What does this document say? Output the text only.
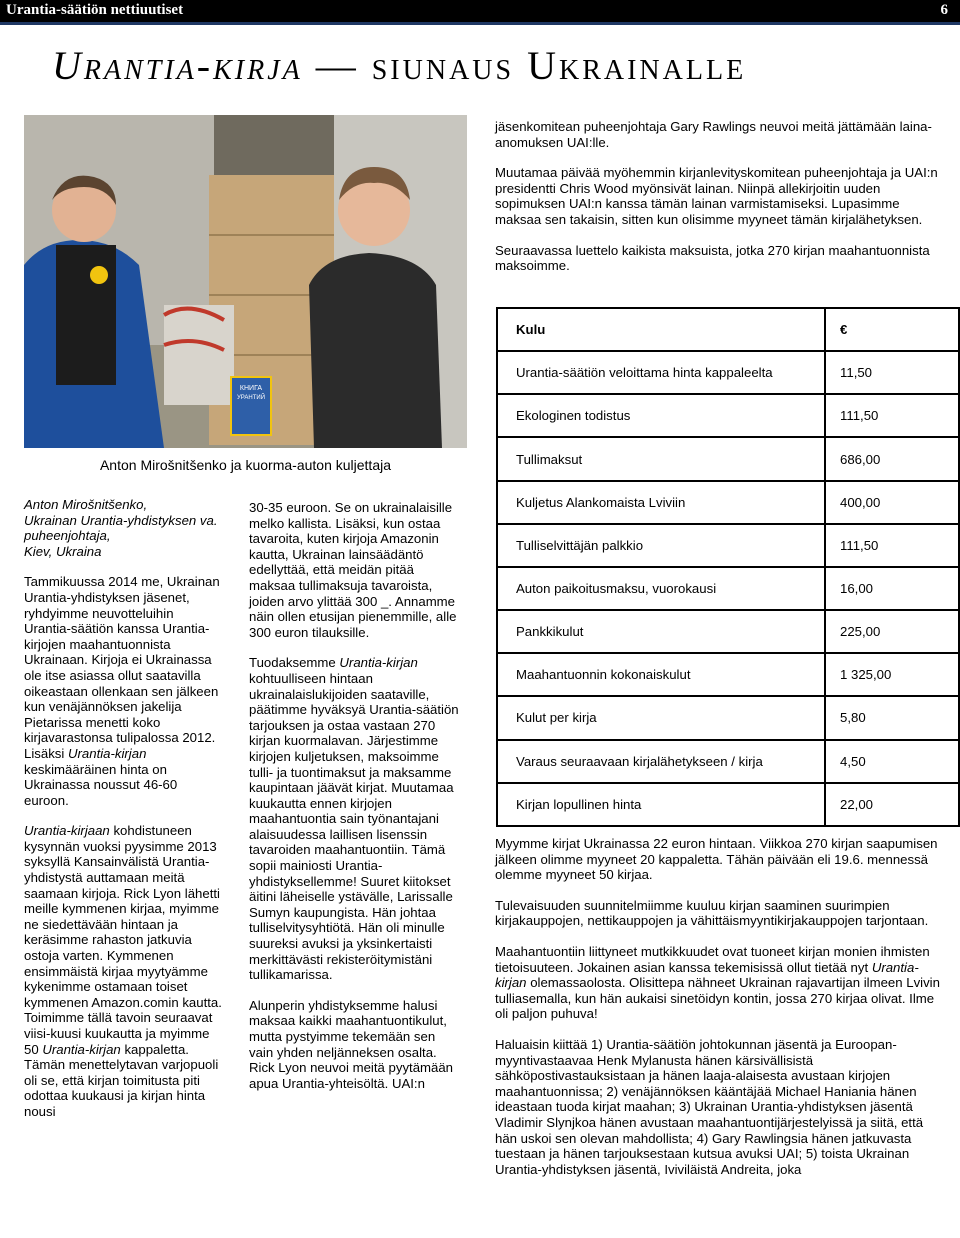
Urantia-säätiön nettiuutiset	6
Urantia-kirja — siunaus Ukrainalle
КНИГА
УРАНТИЙ
Anton Mirošnitšenko ja kuorma-auton kuljettaja

Anton Mirošnitšenko,
Ukrainan Urantia-yhdistyksen va. puheenjohtaja,
Kiev, Ukraina

Tammikuussa 2014 me, Ukrainan Urantia-yhdistyksen jäsenet, ryhdyimme neuvotteluihin Urantia-säätiön kanssa Urantia-kirjojen maahantuonnista Ukrainaan. Kirjoja ei Ukrainassa ole itse asiassa ollut saatavilla oikeastaan ollenkaan sen jälkeen kun venäjännöksen jakelija Pietarissa menetti koko kirjavarastonsa tulipalossa 2012. Lisäksi Urantia-kirjan keskimääräinen hinta on Ukrainassa noussut 46-60 euroon.

Urantia-kirjaan kohdistuneen kysynnän vuoksi pyysimme 2013 syksyllä Kansainvälistä Urantia-yhdistystä auttamaan meitä saamaan kirjoja. Rick Lyon lähetti meille kymmenen kirjaa, myimme ne siedettävään hintaan ja keräsimme rahaston jatkuvia ostoja varten. Kymmenen ensimmäistä kirjaa myytyämme kykenimme ostamaan toiset kymmenen Amazon.comin kautta. Toimimme tällä tavoin seuraavat viisi-kuusi kuukautta ja myimme 50 Urantia-kirjan kappaletta. Tämän menettelytavan varjopuoli oli se, että kirjan toimitusta piti odottaa kuukausi ja kirjan hinta nousi

30-35 euroon. Se on ukrainalaisille melko kallista. Lisäksi, kun ostaa tavaroita, kuten kirjoja Amazonin kautta, Ukrainan lainsäädäntö edellyttää, että meidän pitää maksaa tullimaksuja tavaroista, joiden arvo ylittää 300 _. Annamme näin ollen etusijan pienemmille, alle 300 euron tilauksille.

Tuodaksemme Urantia-kirjan kohtuulliseen hintaan ukrainalaislukijoiden saataville, päätimme hyväksyä Urantia-säätiön tarjouksen ja ostaa vastaan 270 kirjan kuormalavan. Järjestimme kirjojen kuljetuksen, maksoimme tulli- ja tuontimaksut ja maksamme kaupintaan jäävät kirjat. Muutamaa kuukautta ennen kirjojen maahantuontia sain työnantajani alaisuudessa laillisen lisenssin tavaroiden maahantuontiin. Tämä sopii mainiosti Urantia-yhdistyksellemme! Suuret kiitokset äitini läheiselle ystävälle, Larissalle Sumyn kaupungista. Hän johtaa tulliselvitysyhtiötä. Hän oli minulle suureksi avuksi ja yksinkertaisti merkittävästi rekisteröitymistäni tullikamarissa.

Alunperin yhdistyksemme halusi maksaa kaikki maahantuontikulut, mutta pystyimme tekemään sen vain yhden neljänneksen osalta. Rick Lyon neuvoi meitä pyytämään apua Urantia-yhteisöltä. UAI:n

jäsenkomitean puheenjohtaja Gary Rawlings neuvoi meitä jättämään laina-anomuksen UAI:lle.

Muutamaa päivää myöhemmin kirjanlevityskomitean puheenjohtaja ja UAI:n presidentti Chris Wood myönsivät lainan. Niinpä allekirjoitin uuden sopimuksen UAI:n kanssa tämän lainan varmistamiseksi. Lupasimme maksaa sen takaisin, sitten kun olisimme myyneet tämän kirjalähetyksen.

Seuraavassa luettelo kaikista maksuista, jotka 270 kirjan maahantuonnista maksoimme.

Kulu	€
Urantia-säätiön veloittama hinta kappaleelta	11,50
Ekologinen todistus	111,50
Tullimaksut	686,00
Kuljetus Alankomaista Lviviin	400,00
Tulliselvittäjän palkkio	111,50
Auton paikoitusmaksu, vuorokausi	16,00
Pankkikulut	225,00
Maahantuonnin kokonaiskulut	1 325,00
Kulut per kirja	5,80
Varaus seuraavaan kirjalähetykseen / kirja	4,50
Kirjan lopullinen hinta	22,00

Myymme kirjat Ukrainassa 22 euron hintaan. Viikkoa 270 kirjan saapumisen jälkeen olimme myyneet 20 kappaletta. Tähän päivään eli 19.6. mennessä olemme myyneet 50 kirjaa.

Tulevaisuuden suunnitelmiimme kuuluu kirjan saaminen suurimpien kirjakauppojen, nettikauppojen ja vähittäismyyntikirjakauppojen tarjontaan.

Maahantuontiin liittyneet mutkikkuudet ovat tuoneet kirjan monien ihmisten tietoisuuteen. Jokainen asian kanssa tekemisissä ollut tietää nyt Urantia-kirjan olemassaolosta. Olisittepa nähneet Ukrainan rajavartijan ilmeen Lvivin tulliasemalla, kun hän aukaisi sinetöidyn kontin, jossa 270 kirjaa olivat. Ilme oli paljon puhuva!

Haluaisin kiittää 1) Urantia-säätiön johtokunnan jäsentä ja Euroopan-myyntivastaavaa Henk Mylanusta hänen kärsivällisistä sähköpostivastauksistaan ja hänen laaja-alaisesta avustaan kirjojen maahantuonnissa; 2) venäjännöksen kääntäjää Michael Haniania hänen ideastaan tuoda kirjat maahan; 3) Ukrainan Urantia-yhdistyksen jäsentä Vladimir Slynjkoa hänen avustaan maahantuontijärjestelyissä ja siitä, että hän uskoi sen olevan mahdollista; 4) Gary Rawlingsia hänen jatkuvasta tuestaan ja hänen tarjouksestaan kutsua avuksi UAI; 5) toista Ukrainan Urantia-yhdistyksen jäsentä, Iviviläistä Andreita, joka
